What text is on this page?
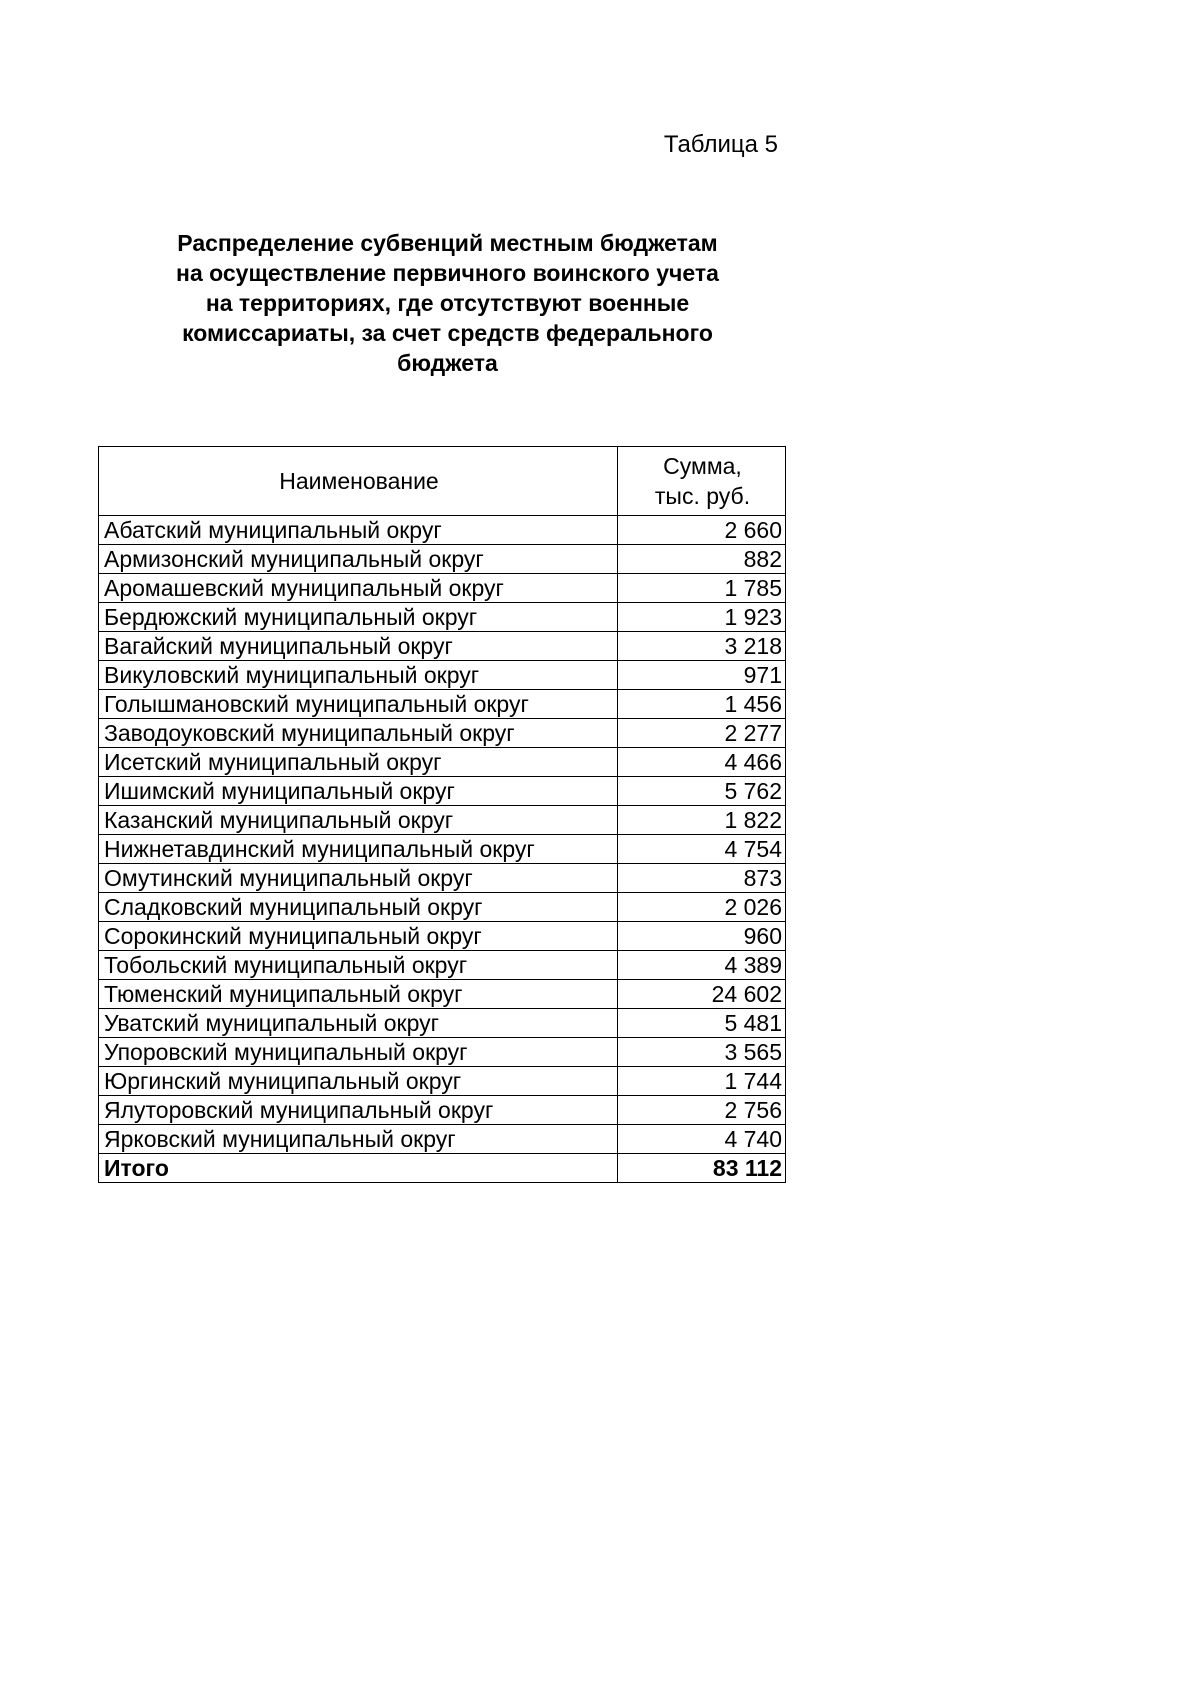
Таблица 5
Распределение субвенций местным бюджетам
на осуществление первичного воинского учета
на территориях, где отсутствуют военные
комиссариаты, за счет средств федерального
бюджета
Наименование	Сумма,
тыс. руб.

Абатский муниципальный округ	2 660
Армизонский муниципальный округ	882
Аромашевский муниципальный округ	1 785
Бердюжский муниципальный округ	1 923
Вагайский муниципальный округ	3 218
Викуловский муниципальный округ	971
Голышмановский муниципальный округ	1 456
Заводоуковский муниципальный округ	2 277
Исетский муниципальный округ	4 466
Ишимский муниципальный округ	5 762
Казанский муниципальный округ	1 822
Нижнетавдинский муниципальный округ	4 754
Омутинский муниципальный округ	873
Сладковский муниципальный округ	2 026
Сорокинский муниципальный округ	960
Тобольский муниципальный округ	4 389
Тюменский муниципальный округ	24 602
Уватский муниципальный округ	5 481
Упоровский муниципальный округ	3 565
Юргинский муниципальный округ	1 744
Ялуторовский муниципальный округ	2 756
Ярковский муниципальный округ	4 740
Итого	83 112
